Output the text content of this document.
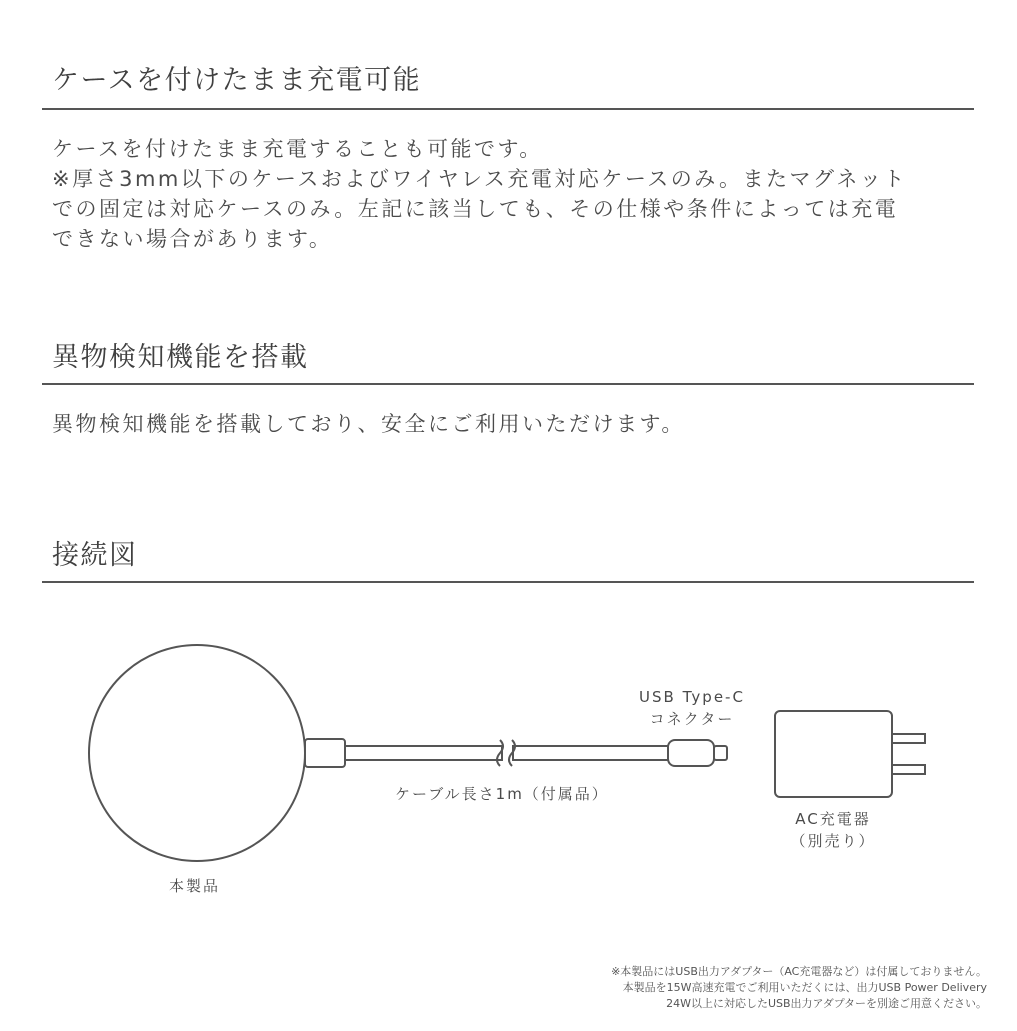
ケースを付けたまま充電可能

ケースを付けたまま充電することも可能です。
※厚さ3mm以下のケースおよびワイヤレス充電対応ケースのみ。またマグネット
での固定は対応ケースのみ。左記に該当しても、その仕様や条件によっては充電
できない場合があります。

異物検知機能を搭載

異物検知機能を搭載しており、安全にご利用いただけます。

接続図
本製品
ケーブル長さ1m（付属品）
USB Type-C
コネクター
AC充電器
（別売り）
※本製品にはUSB出力アダプター（AC充電器など）は付属しておりません。
本製品を15W高速充電でご利用いただくには、出力USB Power Delivery
24W以上に対応したUSB出力アダプターを別途ご用意ください。
